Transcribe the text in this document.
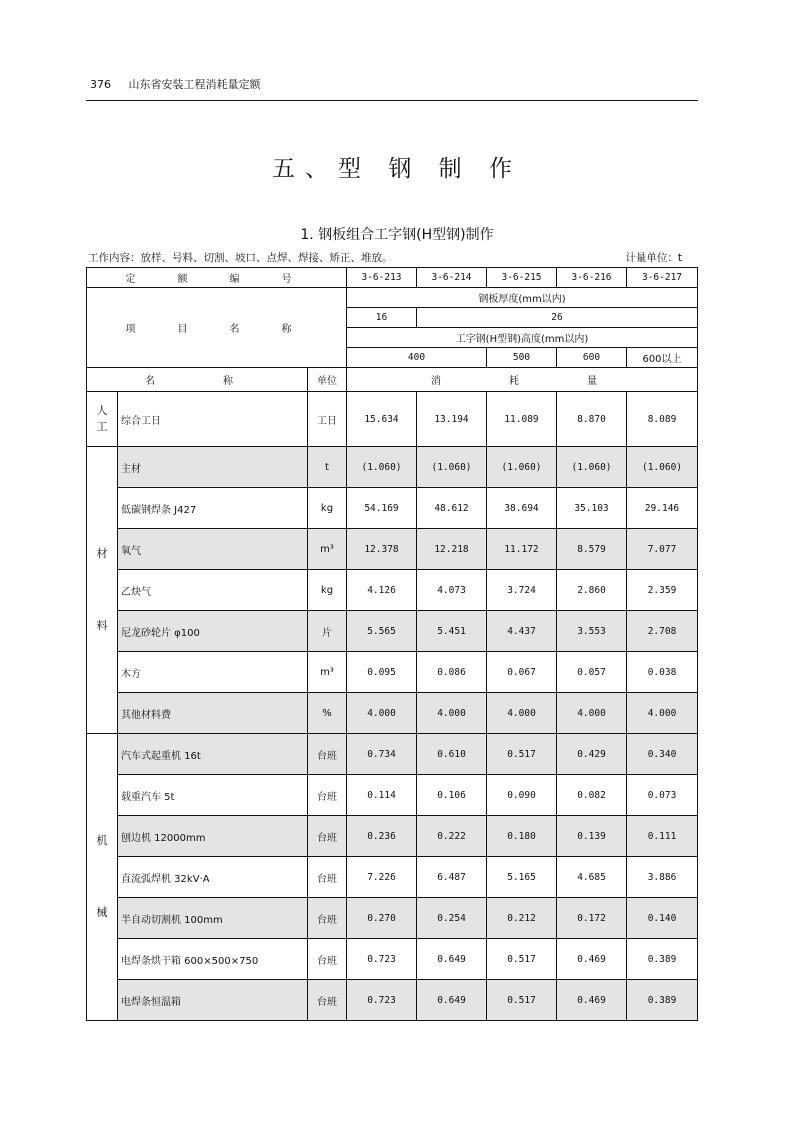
376 山东省安装工程消耗量定额
五、型 钢 制 作
1. 钢板组合工字钢(H型钢)制作
工作内容：放样、号料、切割、坡口、点焊、焊接、矫正、堆放。	计量单位：t
定　额　编　号			3-6-213	3-6-214	3-6-215	3-6-216	3-6-217
项　目　名　称			钢板厚度(mm以内)				
			16	26			
			工字钢(H型钢)高度(mm以内)				
			400		500	600	600以上
名　　称		单位	消　　耗　　量				
人
工	综合工日	工日	15.634	13.194	11.089	8.870	8.089
材
料	主材	t	(1.060)	(1.060)	(1.060)	(1.060)	(1.060)
	低碳钢焊条 J427	kg	54.169	48.612	38.694	35.103	29.146
	氧气	m³	12.378	12.218	11.172	8.579	7.077
	乙炔气	kg	4.126	4.073	3.724	2.860	2.359
	尼龙砂轮片 φ100	片	5.565	5.451	4.437	3.553	2.708
	木方	m³	0.095	0.086	0.067	0.057	0.038
	其他材料费	%	4.000	4.000	4.000	4.000	4.000
机
械	汽车式起重机 16t	台班	0.734	0.610	0.517	0.429	0.340
	载重汽车 5t	台班	0.114	0.106	0.090	0.082	0.073
	刨边机 12000mm	台班	0.236	0.222	0.180	0.139	0.111
	直流弧焊机 32kV·A	台班	7.226	6.487	5.165	4.685	3.886
	半自动切割机 100mm	台班	0.270	0.254	0.212	0.172	0.140
	电焊条烘干箱 600×500×750	台班	0.723	0.649	0.517	0.469	0.389
	电焊条恒温箱	台班	0.723	0.649	0.517	0.469	0.389
